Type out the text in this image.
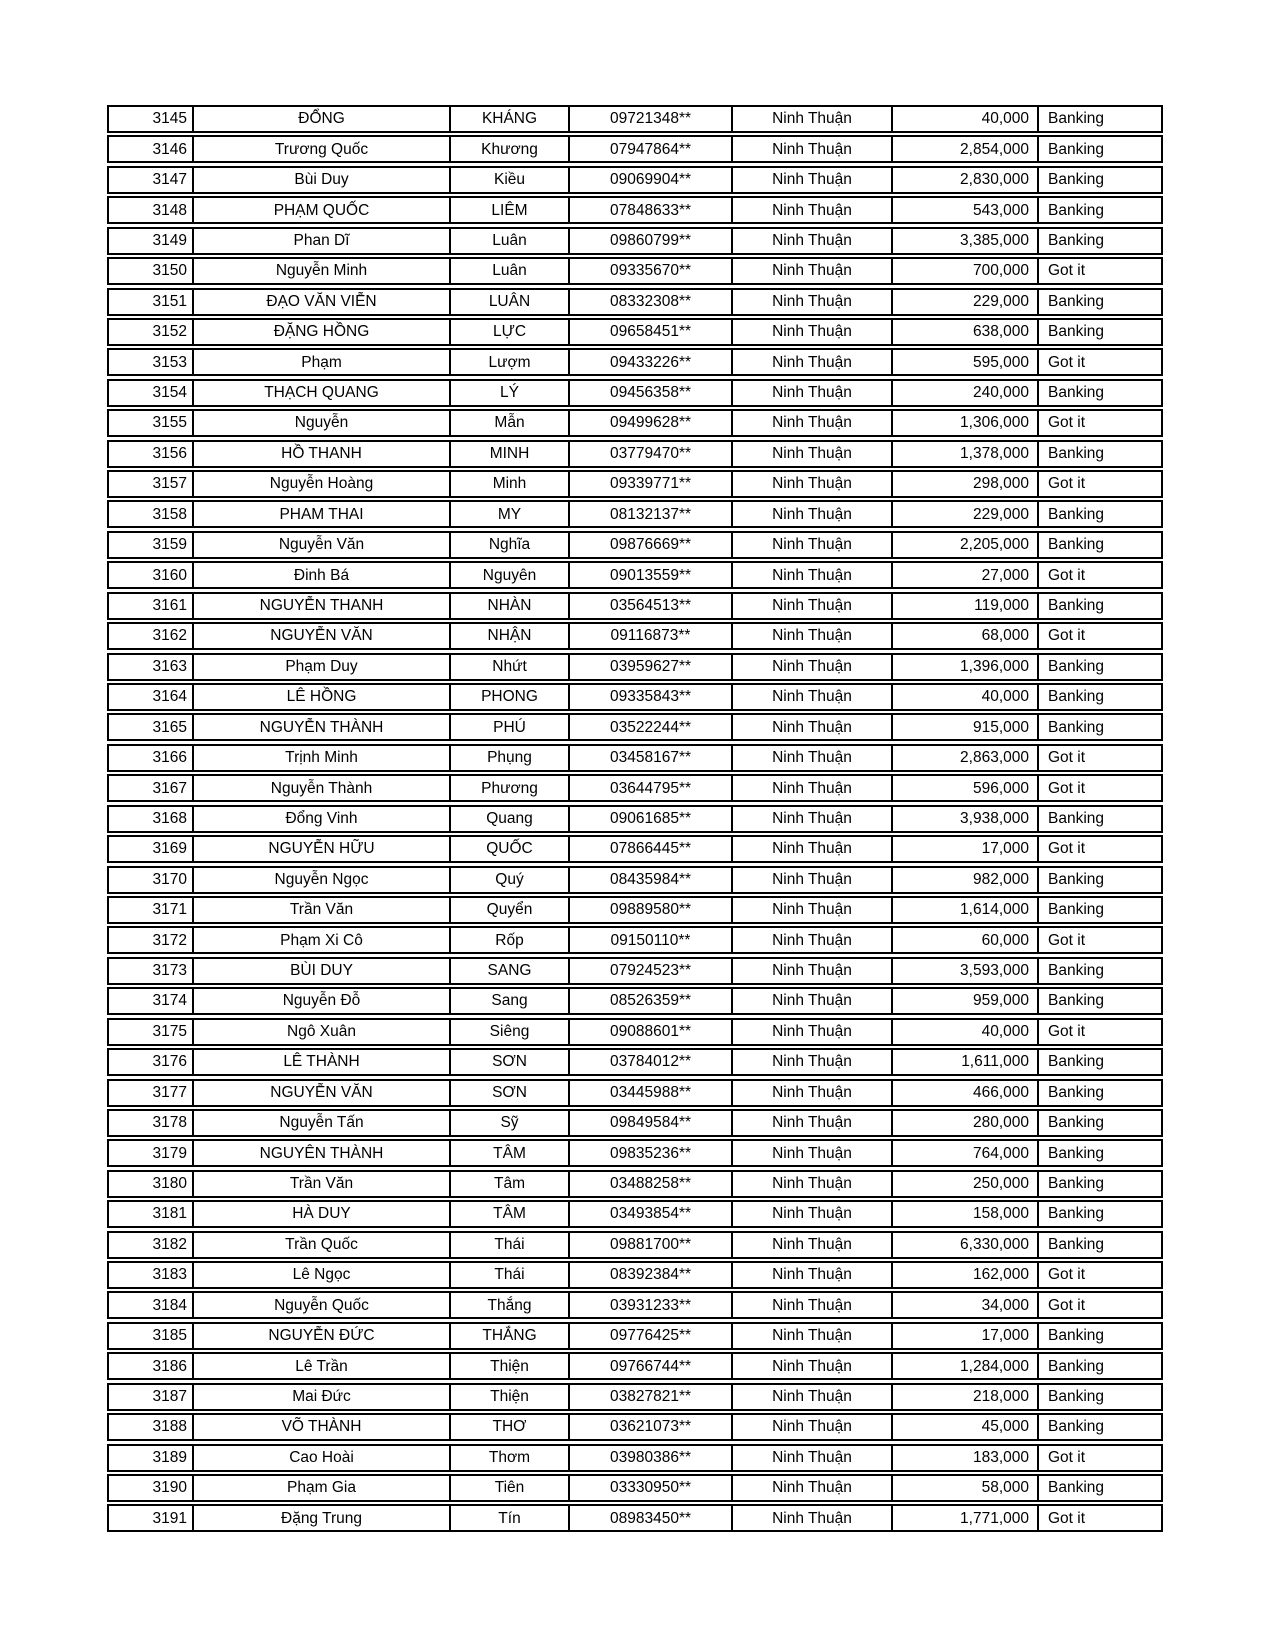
3145	ĐỔNG	KHÁNG	09721348**	Ninh Thuận	40,000	Banking
3146	Trương Quốc	Khương	07947864**	Ninh Thuận	2,854,000	Banking
3147	Bùi Duy	Kiều	09069904**	Ninh Thuận	2,830,000	Banking
3148	PHẠM QUỐC	LIÊM	07848633**	Ninh Thuận	543,000	Banking
3149	Phan Dĩ	Luân	09860799**	Ninh Thuận	3,385,000	Banking
3150	Nguyễn Minh	Luân	09335670**	Ninh Thuận	700,000	Got it
3151	ĐẠO VĂN VIỄN	LUÂN	08332308**	Ninh Thuận	229,000	Banking
3152	ĐẶNG HỒNG	LỰC	09658451**	Ninh Thuận	638,000	Banking
3153	Phạm	Lượm	09433226**	Ninh Thuận	595,000	Got it
3154	THẠCH QUANG	LÝ	09456358**	Ninh Thuận	240,000	Banking
3155	Nguyễn	Mẫn	09499628**	Ninh Thuận	1,306,000	Got it
3156	HỒ THANH	MINH	03779470**	Ninh Thuận	1,378,000	Banking
3157	Nguyễn Hoàng	Minh	09339771**	Ninh Thuận	298,000	Got it
3158	PHAM THAI	MY	08132137**	Ninh Thuận	229,000	Banking
3159	Nguyễn Văn	Nghĩa	09876669**	Ninh Thuận	2,205,000	Banking
3160	Đinh Bá	Nguyên	09013559**	Ninh Thuận	27,000	Got it
3161	NGUYỄN THANH	NHÀN	03564513**	Ninh Thuận	119,000	Banking
3162	NGUYỄN VĂN	NHẬN	09116873**	Ninh Thuận	68,000	Got it
3163	Phạm Duy	Nhứt	03959627**	Ninh Thuận	1,396,000	Banking
3164	LÊ HỒNG	PHONG	09335843**	Ninh Thuận	40,000	Banking
3165	NGUYỄN THÀNH	PHÚ	03522244**	Ninh Thuận	915,000	Banking
3166	Trịnh Minh	Phụng	03458167**	Ninh Thuận	2,863,000	Got it
3167	Nguyễn Thành	Phương	03644795**	Ninh Thuận	596,000	Got it
3168	Đổng Vinh	Quang	09061685**	Ninh Thuận	3,938,000	Banking
3169	NGUYỄN HỮU	QUỐC	07866445**	Ninh Thuận	17,000	Got it
3170	Nguyễn Ngọc	Quý	08435984**	Ninh Thuận	982,000	Banking
3171	Trần Văn	Quyển	09889580**	Ninh Thuận	1,614,000	Banking
3172	Phạm Xi Cô	Rốp	09150110**	Ninh Thuận	60,000	Got it
3173	BÙI DUY	SANG	07924523**	Ninh Thuận	3,593,000	Banking
3174	Nguyễn Đỗ	Sang	08526359**	Ninh Thuận	959,000	Banking
3175	Ngô Xuân	Siêng	09088601**	Ninh Thuận	40,000	Got it
3176	LÊ THÀNH	SƠN	03784012**	Ninh Thuận	1,611,000	Banking
3177	NGUYỄN VĂN	SƠN	03445988**	Ninh Thuận	466,000	Banking
3178	Nguyễn Tấn	Sỹ	09849584**	Ninh Thuận	280,000	Banking
3179	NGUYÊN THÀNH	TÂM	09835236**	Ninh Thuận	764,000	Banking
3180	Trần Văn	Tâm	03488258**	Ninh Thuận	250,000	Banking
3181	HÀ DUY	TÂM	03493854**	Ninh Thuận	158,000	Banking
3182	Trần Quốc	Thái	09881700**	Ninh Thuận	6,330,000	Banking
3183	Lê Ngọc	Thái	08392384**	Ninh Thuận	162,000	Got it
3184	Nguyễn Quốc	Thắng	03931233**	Ninh Thuận	34,000	Got it
3185	NGUYỄN ĐỨC	THẮNG	09776425**	Ninh Thuận	17,000	Banking
3186	Lê Trần	Thiện	09766744**	Ninh Thuận	1,284,000	Banking
3187	Mai Đức	Thiện	03827821**	Ninh Thuận	218,000	Banking
3188	VÕ THÀNH	THƠ	03621073**	Ninh Thuận	45,000	Banking
3189	Cao Hoài	Thơm	03980386**	Ninh Thuận	183,000	Got it
3190	Phạm Gia	Tiên	03330950**	Ninh Thuận	58,000	Banking
3191	Đặng Trung	Tín	08983450**	Ninh Thuận	1,771,000	Got it
